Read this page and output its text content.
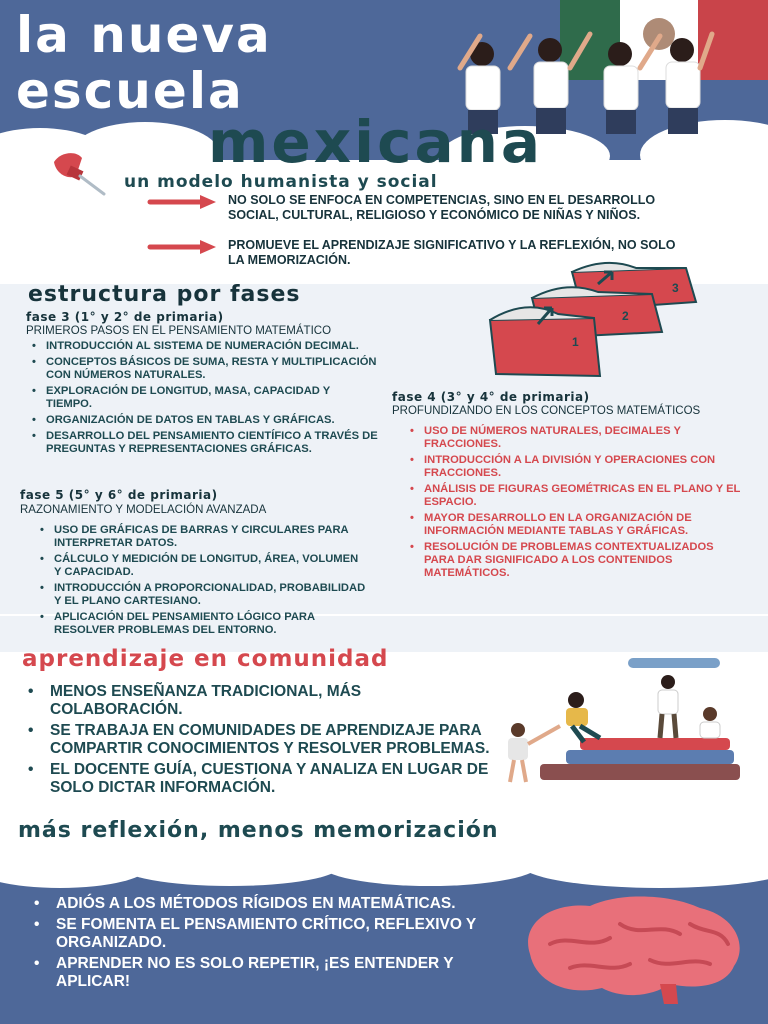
la nueva
escuela
mexicana
un modelo humanista y social
NO SOLO SE ENFOCA EN COMPETENCIAS, SINO EN EL DESARROLLO SOCIAL, CULTURAL, RELIGIOSO Y ECONÓMICO DE NIÑAS Y NIÑOS.
PROMUEVE EL APRENDIZAJE SIGNIFICATIVO Y LA REFLEXIÓN, NO SOLO LA MEMORIZACIÓN.
estructura por fases
1
2
3
fase 3 (1° y 2° de primaria)
PRIMEROS PASOS EN EL PENSAMIENTO MATEMÁTICO
• INTRODUCCIÓN AL SISTEMA DE NUMERACIÓN DECIMAL.
• CONCEPTOS BÁSICOS DE SUMA, RESTA Y MULTIPLICACIÓN CON NÚMEROS NATURALES.
• EXPLORACIÓN DE LONGITUD, MASA, CAPACIDAD Y TIEMPO.
• ORGANIZACIÓN DE DATOS EN TABLAS Y GRÁFICAS.
• DESARROLLO DEL PENSAMIENTO CIENTÍFICO A TRAVÉS DE PREGUNTAS Y REPRESENTACIONES GRÁFICAS.
fase 4 (3° y 4° de primaria)
PROFUNDIZANDO EN LOS CONCEPTOS MATEMÁTICOS
• USO DE NÚMEROS NATURALES, DECIMALES Y FRACCIONES.
• INTRODUCCIÓN A LA DIVISIÓN Y OPERACIONES CON FRACCIONES.
• ANÁLISIS DE FIGURAS GEOMÉTRICAS EN EL PLANO Y EL ESPACIO.
• MAYOR DESARROLLO EN LA ORGANIZACIÓN DE INFORMACIÓN MEDIANTE TABLAS Y GRÁFICAS.
• RESOLUCIÓN DE PROBLEMAS CONTEXTUALIZADOS PARA DAR SIGNIFICADO A LOS CONTENIDOS MATEMÁTICOS.
fase 5 (5° y 6° de primaria)
RAZONAMIENTO Y MODELACIÓN AVANZADA
• USO DE GRÁFICAS DE BARRAS Y CIRCULARES PARA INTERPRETAR DATOS.
• CÁLCULO Y MEDICIÓN DE LONGITUD, ÁREA, VOLUMEN Y CAPACIDAD.
• INTRODUCCIÓN A PROPORCIONALIDAD, PROBABILIDAD Y EL PLANO CARTESIANO.
• APLICACIÓN DEL PENSAMIENTO LÓGICO PARA RESOLVER PROBLEMAS DEL ENTORNO.
aprendizaje en comunidad
• MENOS ENSEÑANZA TRADICIONAL, MÁS COLABORACIÓN.
• SE TRABAJA EN COMUNIDADES DE APRENDIZAJE PARA COMPARTIR CONOCIMIENTOS Y RESOLVER PROBLEMAS.
• EL DOCENTE GUÍA, CUESTIONA Y ANALIZA EN LUGAR DE SOLO DICTAR INFORMACIÓN.
más reflexión, menos memorización
• ADIÓS A LOS MÉTODOS RÍGIDOS EN MATEMÁTICAS.
• SE FOMENTA EL PENSAMIENTO CRÍTICO, REFLEXIVO Y ORGANIZADO.
• APRENDER NO ES SOLO REPETIR, ¡ES ENTENDER Y APLICAR!
